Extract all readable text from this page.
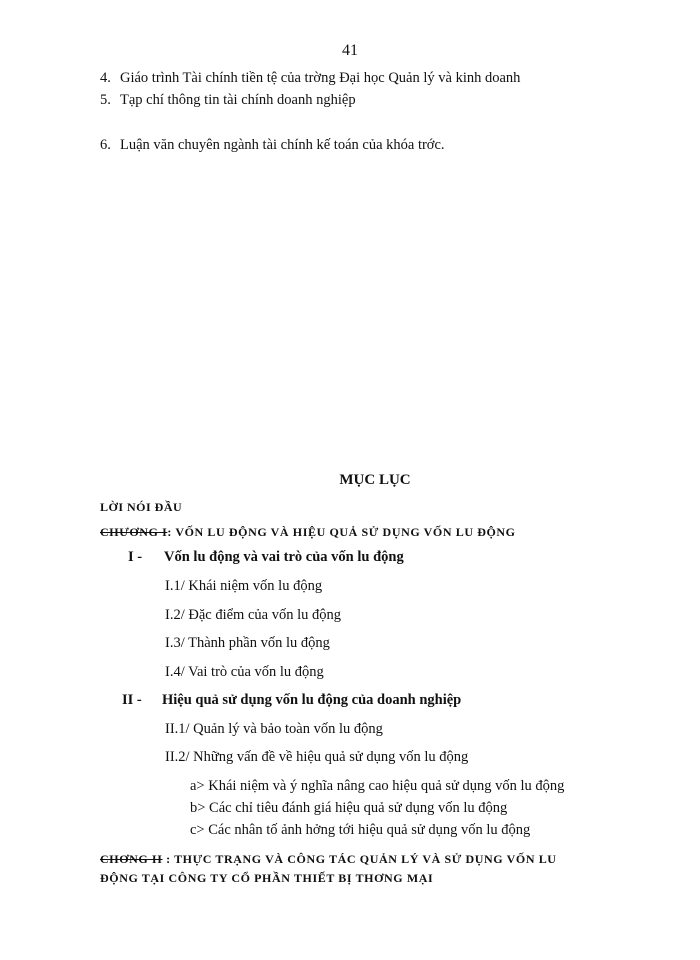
41
4. Giáo trình Tài chính tiền tệ của trờng Đại học Quản lý và kinh doanh
5. Tạp chí thông tin tài chính doanh nghiệp
6. Luận văn chuyên ngành tài chính kế toán của khóa trớc.
MỤC LỤC
LỜI NÓI ĐẦU
CHƯƠNG I: VỐN LU ĐỘNG VÀ HIỆU QUẢ SỬ DỤNG VỐN LU ĐỘNG
I - Vốn lu động và vai trò của vốn lu động
I.1/ Khái niệm vốn lu động
I.2/ Đặc điểm của vốn lu động
I.3/ Thành phần vốn lu động
I.4/ Vai trò của vốn lu động
II - Hiệu quả sử dụng vốn lu động của doanh nghiệp
II.1/ Quản lý và bảo toàn vốn lu động
II.2/ Những vấn đề về hiệu quả sử dụng vốn lu động
a> Khái niệm và ý nghĩa nâng cao hiệu quả sử dụng vốn lu động
b> Các chỉ tiêu đánh giá hiệu quả sử dụng vốn lu động
c> Các nhân tố ảnh hởng tới hiệu quả sử dụng vốn lu động
CHƠNG II : THỰC TRẠNG VÀ CÔNG TÁC QUẢN LÝ VÀ SỬ DỤNG VỐN LU
ĐỘNG TẠI CÔNG TY CỔ PHẦN THIẾT BỊ THƠNG MẠI
